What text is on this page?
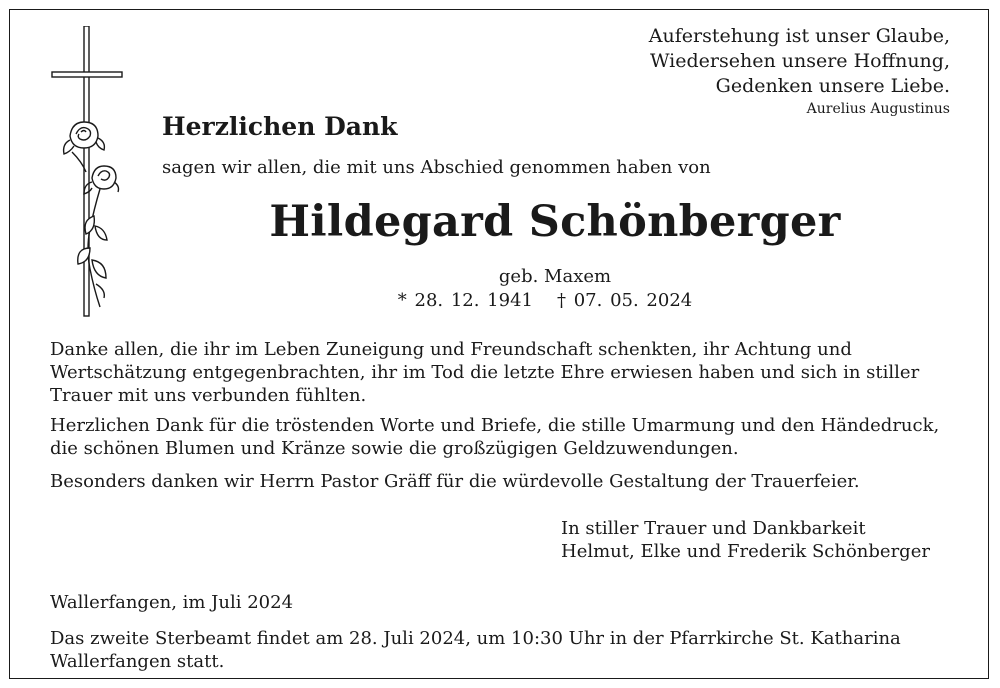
Auferstehung ist unser Glaube,
Wiedersehen unsere Hoffnung,
Gedenken unsere Liebe.
Aurelius Augustinus
Herzlichen Dank
sagen wir allen, die mit uns Abschied genommen haben von
Hildegard Schönberger
geb. Maxem
* 28. 12. 1941 † 07. 05. 2024
Danke allen, die ihr im Leben Zuneigung und Freundschaft schenkten, ihr Achtung und Wertschätzung entgegenbrachten, ihr im Tod die letzte Ehre erwiesen haben und sich in stiller Trauer mit uns verbunden fühlten.
Herzlichen Dank für die tröstenden Worte und Briefe, die stille Umarmung und den Händedruck, die schönen Blumen und Kränze sowie die großzügigen Geldzuwendungen.
Besonders danken wir Herrn Pastor Gräff für die würdevolle Gestaltung der Trauerfeier.
In stiller Trauer und Dankbarkeit
Helmut, Elke und Frederik Schönberger
Wallerfangen, im Juli 2024
Das zweite Sterbeamt findet am 28. Juli 2024, um 10:30 Uhr in der Pfarrkirche St. Katharina Wallerfangen statt.
